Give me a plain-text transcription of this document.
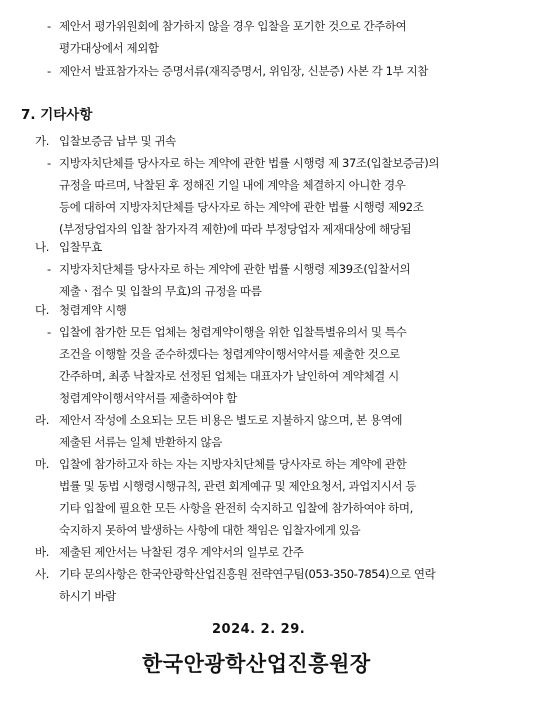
- 제안서 평가위원회에 참가하지 않을 경우 입찰을 포기한 것으로 간주하여
평가대상에서 제외함
- 제안서 발표참가자는 증명서류(재직증명서, 위임장, 신분증) 사본 각 1부 지참
7. 기타사항
가. 입찰보증금 납부 및 귀속
- 지방자치단체를 당사자로 하는 계약에 관한 법률 시행령 제 37조(입찰보증금)의
규정을 따르며, 낙찰된 후 정해진 기일 내에 계약을 체결하지 아니한 경우
등에 대하여 지방자치단체를 당사자로 하는 계약에 관한 법률 시행령 제92조
(부정당업자의 입찰 참가자격 제한)에 따라 부정당업자 제재대상에 해당됨
나. 입찰무효
- 지방자치단체를 당사자로 하는 계약에 관한 법률 시행령 제39조(입찰서의
제출ㆍ접수 및 입찰의 무효)의 규정을 따름
다. 청렴계약 시행
- 입찰에 참가한 모든 업체는 청렴계약이행을 위한 입찰특별유의서 및 특수
조건을 이행할 것을 준수하겠다는 청렴계약이행서약서를 제출한 것으로
간주하며, 최종 낙찰자로 선정된 업체는 대표자가 날인하여 계약체결 시
청렴계약이행서약서를 제출하여야 함
라. 제안서 작성에 소요되는 모든 비용은 별도로 지불하지 않으며, 본 용역에
제출된 서류는 일체 반환하지 않음
마. 입찰에 참가하고자 하는 자는 지방자치단체를 당사자로 하는 계약에 관한
법률 및 동법 시행령시행규칙, 관련 회계예규 및 제안요청서, 과업지시서 등
기타 입찰에 필요한 모든 사항을 완전히 숙지하고 입찰에 참가하여야 하며,
숙지하지 못하여 발생하는 사항에 대한 책임은 입찰자에게 있음
바. 제출된 제안서는 낙찰된 경우 계약서의 일부로 간주
사. 기타 문의사항은 한국안광학산업진흥원 전략연구팀(053-350-7854)으로 연락
하시기 바람
2024. 2. 29.
한국안광학산업진흥원장
